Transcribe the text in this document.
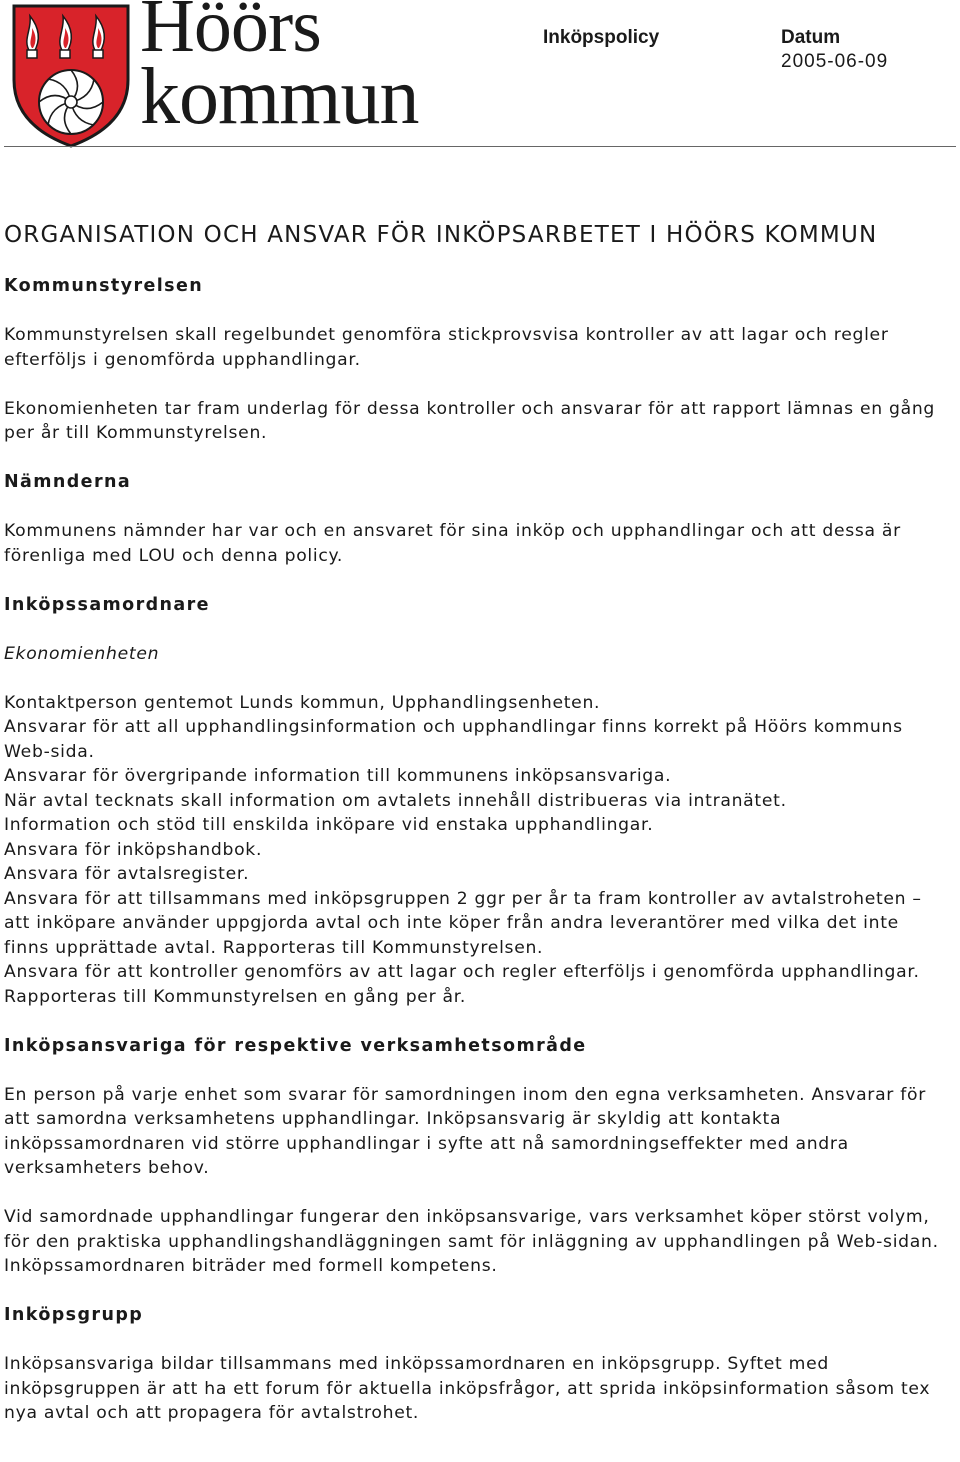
Höörs
kommun
Inköpspolicy	Datum
2005-06-09
ORGANISATION OCH ANSVAR FÖR INKÖPSARBETET I HÖÖRS KOMMUN
Kommunstyrelsen

Kommunstyrelsen skall regelbundet genomföra stickprovsvisa kontroller av att lagar och regler efterföljs i genomförda upphandlingar.

Ekonomienheten tar fram underlag för dessa kontroller och ansvarar för att rapport lämnas en gång per år till Kommunstyrelsen.

Nämnderna

Kommunens nämnder har var och en ansvaret för sina inköp och upphandlingar och att dessa är förenliga med LOU och denna policy.

Inköpssamordnare

Ekonomienheten

Kontaktperson gentemot Lunds kommun, Upphandlingsenheten.
Ansvarar för att all upphandlingsinformation och upphandlingar finns korrekt på Höörs kommuns Web-sida.
Ansvarar för övergripande information till kommunens inköpsansvariga.
När avtal tecknats skall information om avtalets innehåll distribueras via intranätet.
Information och stöd till enskilda inköpare vid enstaka upphandlingar.
Ansvara för inköpshandbok.
Ansvara för avtalsregister.
Ansvara för att tillsammans med inköpsgruppen 2 ggr per år ta fram kontroller av avtalstroheten – att inköpare använder uppgjorda avtal och inte köper från andra leverantörer med vilka det inte finns upprättade avtal. Rapporteras till Kommunstyrelsen.
Ansvara för att kontroller genomförs av att lagar och regler efterföljs i genomförda upphandlingar. Rapporteras till Kommunstyrelsen en gång per år.

Inköpsansvariga för respektive verksamhetsområde

En person på varje enhet som svarar för samordningen inom den egna verksamheten. Ansvarar för att samordna verksamhetens upphandlingar. Inköpsansvarig är skyldig att kontakta inköpssamordnaren vid större upphandlingar i syfte att nå samordningseffekter med andra verksamheters behov.

Vid samordnade upphandlingar fungerar den inköpsansvarige, vars verksamhet köper störst volym, för den praktiska upphandlingshandläggningen samt för inläggning av upphandlingen på Web-sidan. Inköpssamordnaren biträder med formell kompetens.

Inköpsgrupp

Inköpsansvariga bildar tillsammans med inköpssamordnaren en inköpsgrupp. Syftet med inköpsgruppen är att ha ett forum för aktuella inköpsfrågor, att sprida inköpsinformation såsom tex nya avtal och att propagera för avtalstrohet.
